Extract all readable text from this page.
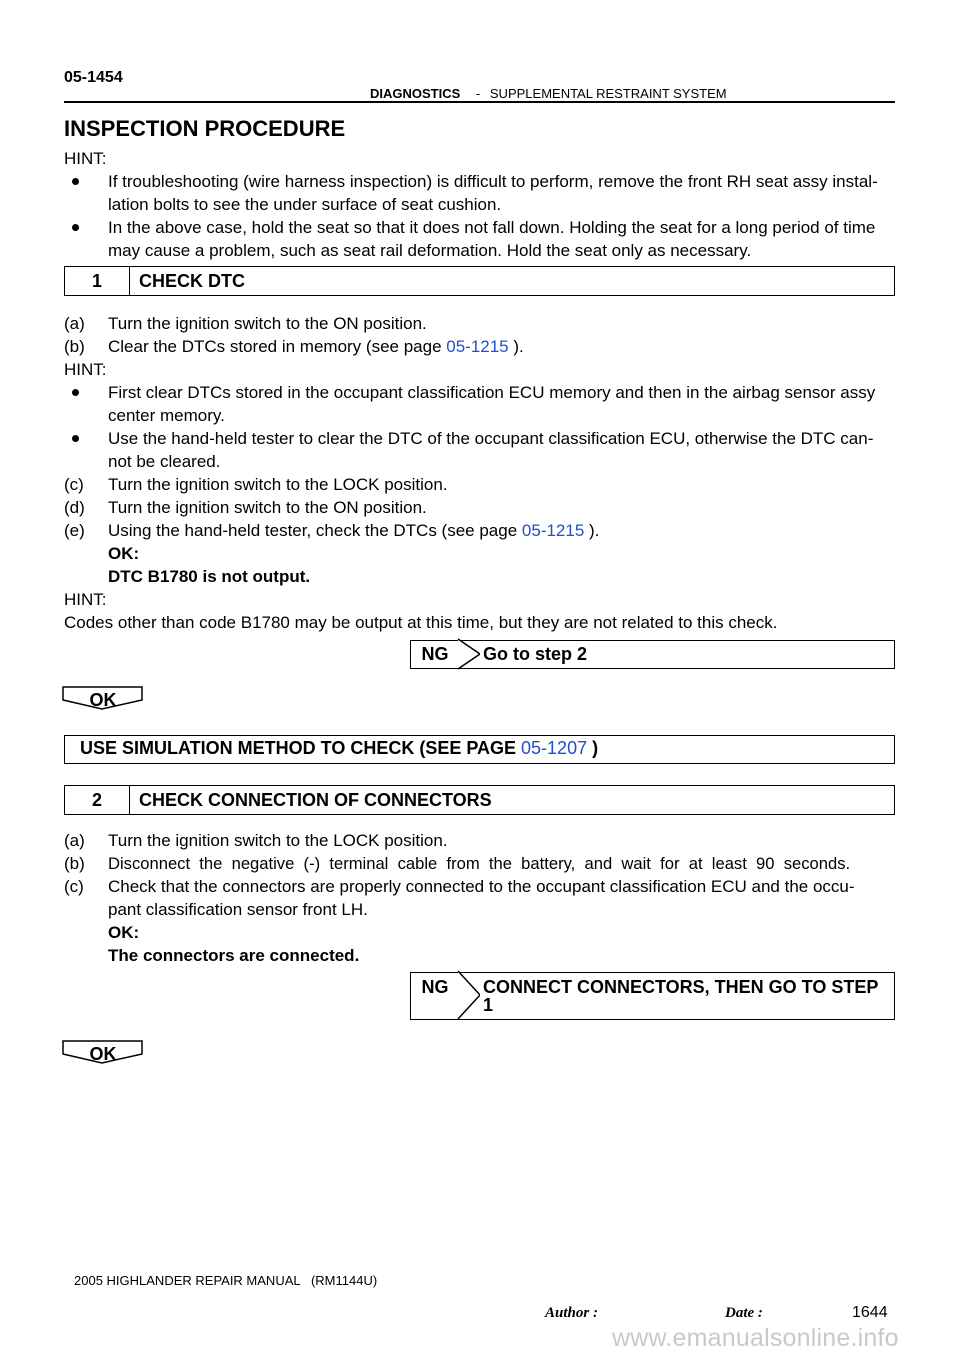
05-1454
DIAGNOSTICS - SUPPLEMENTAL RESTRAINT SYSTEM
INSPECTION PROCEDURE
HINT:
If troubleshooting (wire harness inspection) is difficult to perform, remove the front RH seat assy instal-
lation bolts to see the under surface of seat cushion.
In the above case, hold the seat so that it does not fall down. Holding the seat for a long period of time
may cause a problem, such as seat rail deformation. Hold the seat only as necessary.
1	CHECK DTC
(a) Turn the ignition switch to the ON position.
(b) Clear the DTCs stored in memory (see page 05-1215 ).
HINT:
First clear DTCs stored in the occupant classification ECU memory and then in the airbag sensor assy
center memory.
Use the hand-held tester to clear the DTC of the occupant classification ECU, otherwise the DTC can-
not be cleared.
(c) Turn the ignition switch to the LOCK position.
(d) Turn the ignition switch to the ON position.
(e) Using the hand-held tester, check the DTCs (see page 05-1215 ).
OK:
DTC B1780 is not output.
HINT:
Codes other than code B1780 may be output at this time, but they are not related to this check.
NG	Go to step 2
OK
USE SIMULATION METHOD TO CHECK (SEE PAGE 05-1207 )
2	CHECK CONNECTION OF CONNECTORS
(a) Turn the ignition switch to the LOCK position.
(b) Disconnect  the  negative  (-)  terminal  cable  from  the  battery,  and  wait  for  at  least  90  seconds.
(c) Check that the connectors are properly connected to the occupant classification ECU and the occu-
pant classification sensor front LH.
OK:
The connectors are connected.
NG	CONNECT CONNECTORS, THEN GO TO STEP
1
OK
2005 HIGHLANDER REPAIR MANUAL   (RM1144U)
Author :	Date :	1644
www.emanualsonline.info
